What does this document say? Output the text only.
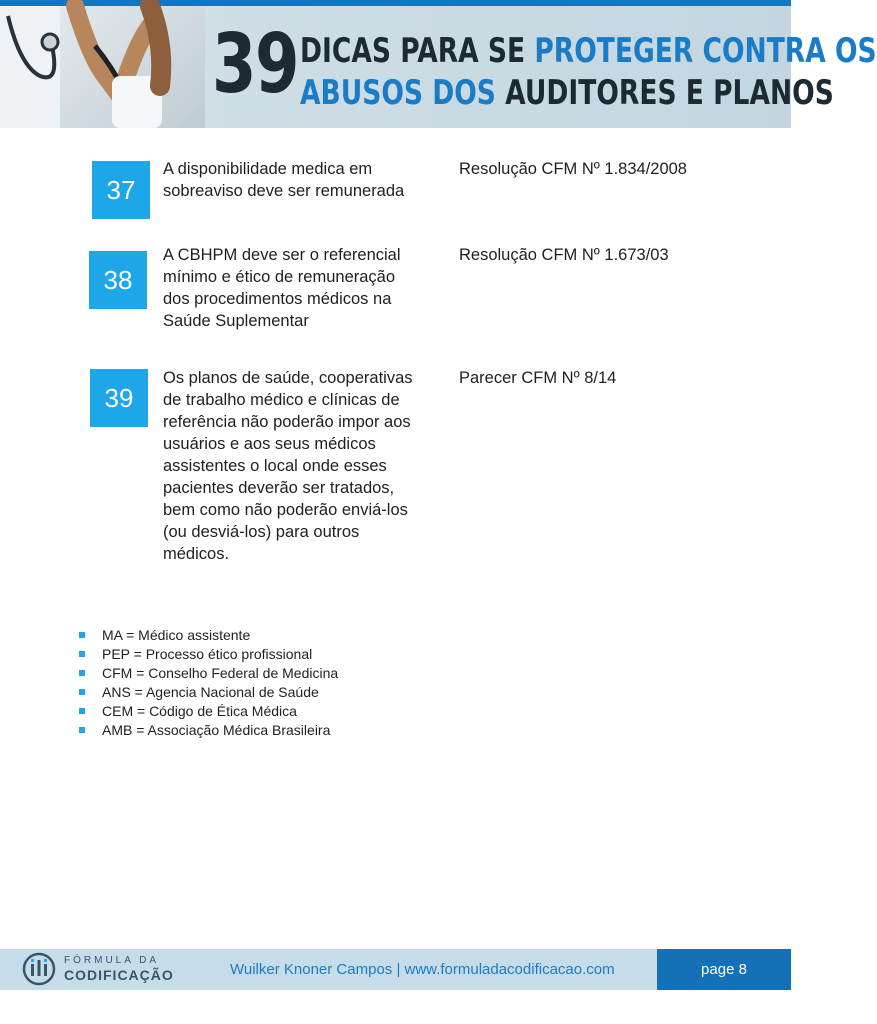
39 DICAS PARA SE PROTEGER CONTRA OS
ABUSOS DOS AUDITORES E PLANOS
37
A disponibilidade medica em sobreaviso deve ser remunerada
Resolução CFM Nº 1.834/2008
38
A CBHPM deve ser o referencial mínimo e ético de remuneração dos procedimentos médicos na Saúde Suplementar
Resolução CFM Nº 1.673/03
39
Os planos de saúde, cooperativas de trabalho médico e clínicas de referência não poderão impor aos usuários e aos seus médicos assistentes o local onde esses pacientes deverão ser tratados, bem como não poderão enviá-los (ou desviá-los) para outros médicos.
Parecer CFM Nº 8/14
MA = Médico assistente
PEP = Processo ético profissional
CFM = Conselho Federal de Medicina
ANS = Agencia Nacional de Saúde
CEM = Código de Ética Médica
AMB = Associação Médica Brasileira
FÓRMULA DA
CODIFICAÇÃO	Wuilker Knoner Campos | www.formuladacodificacao.com	page 8
